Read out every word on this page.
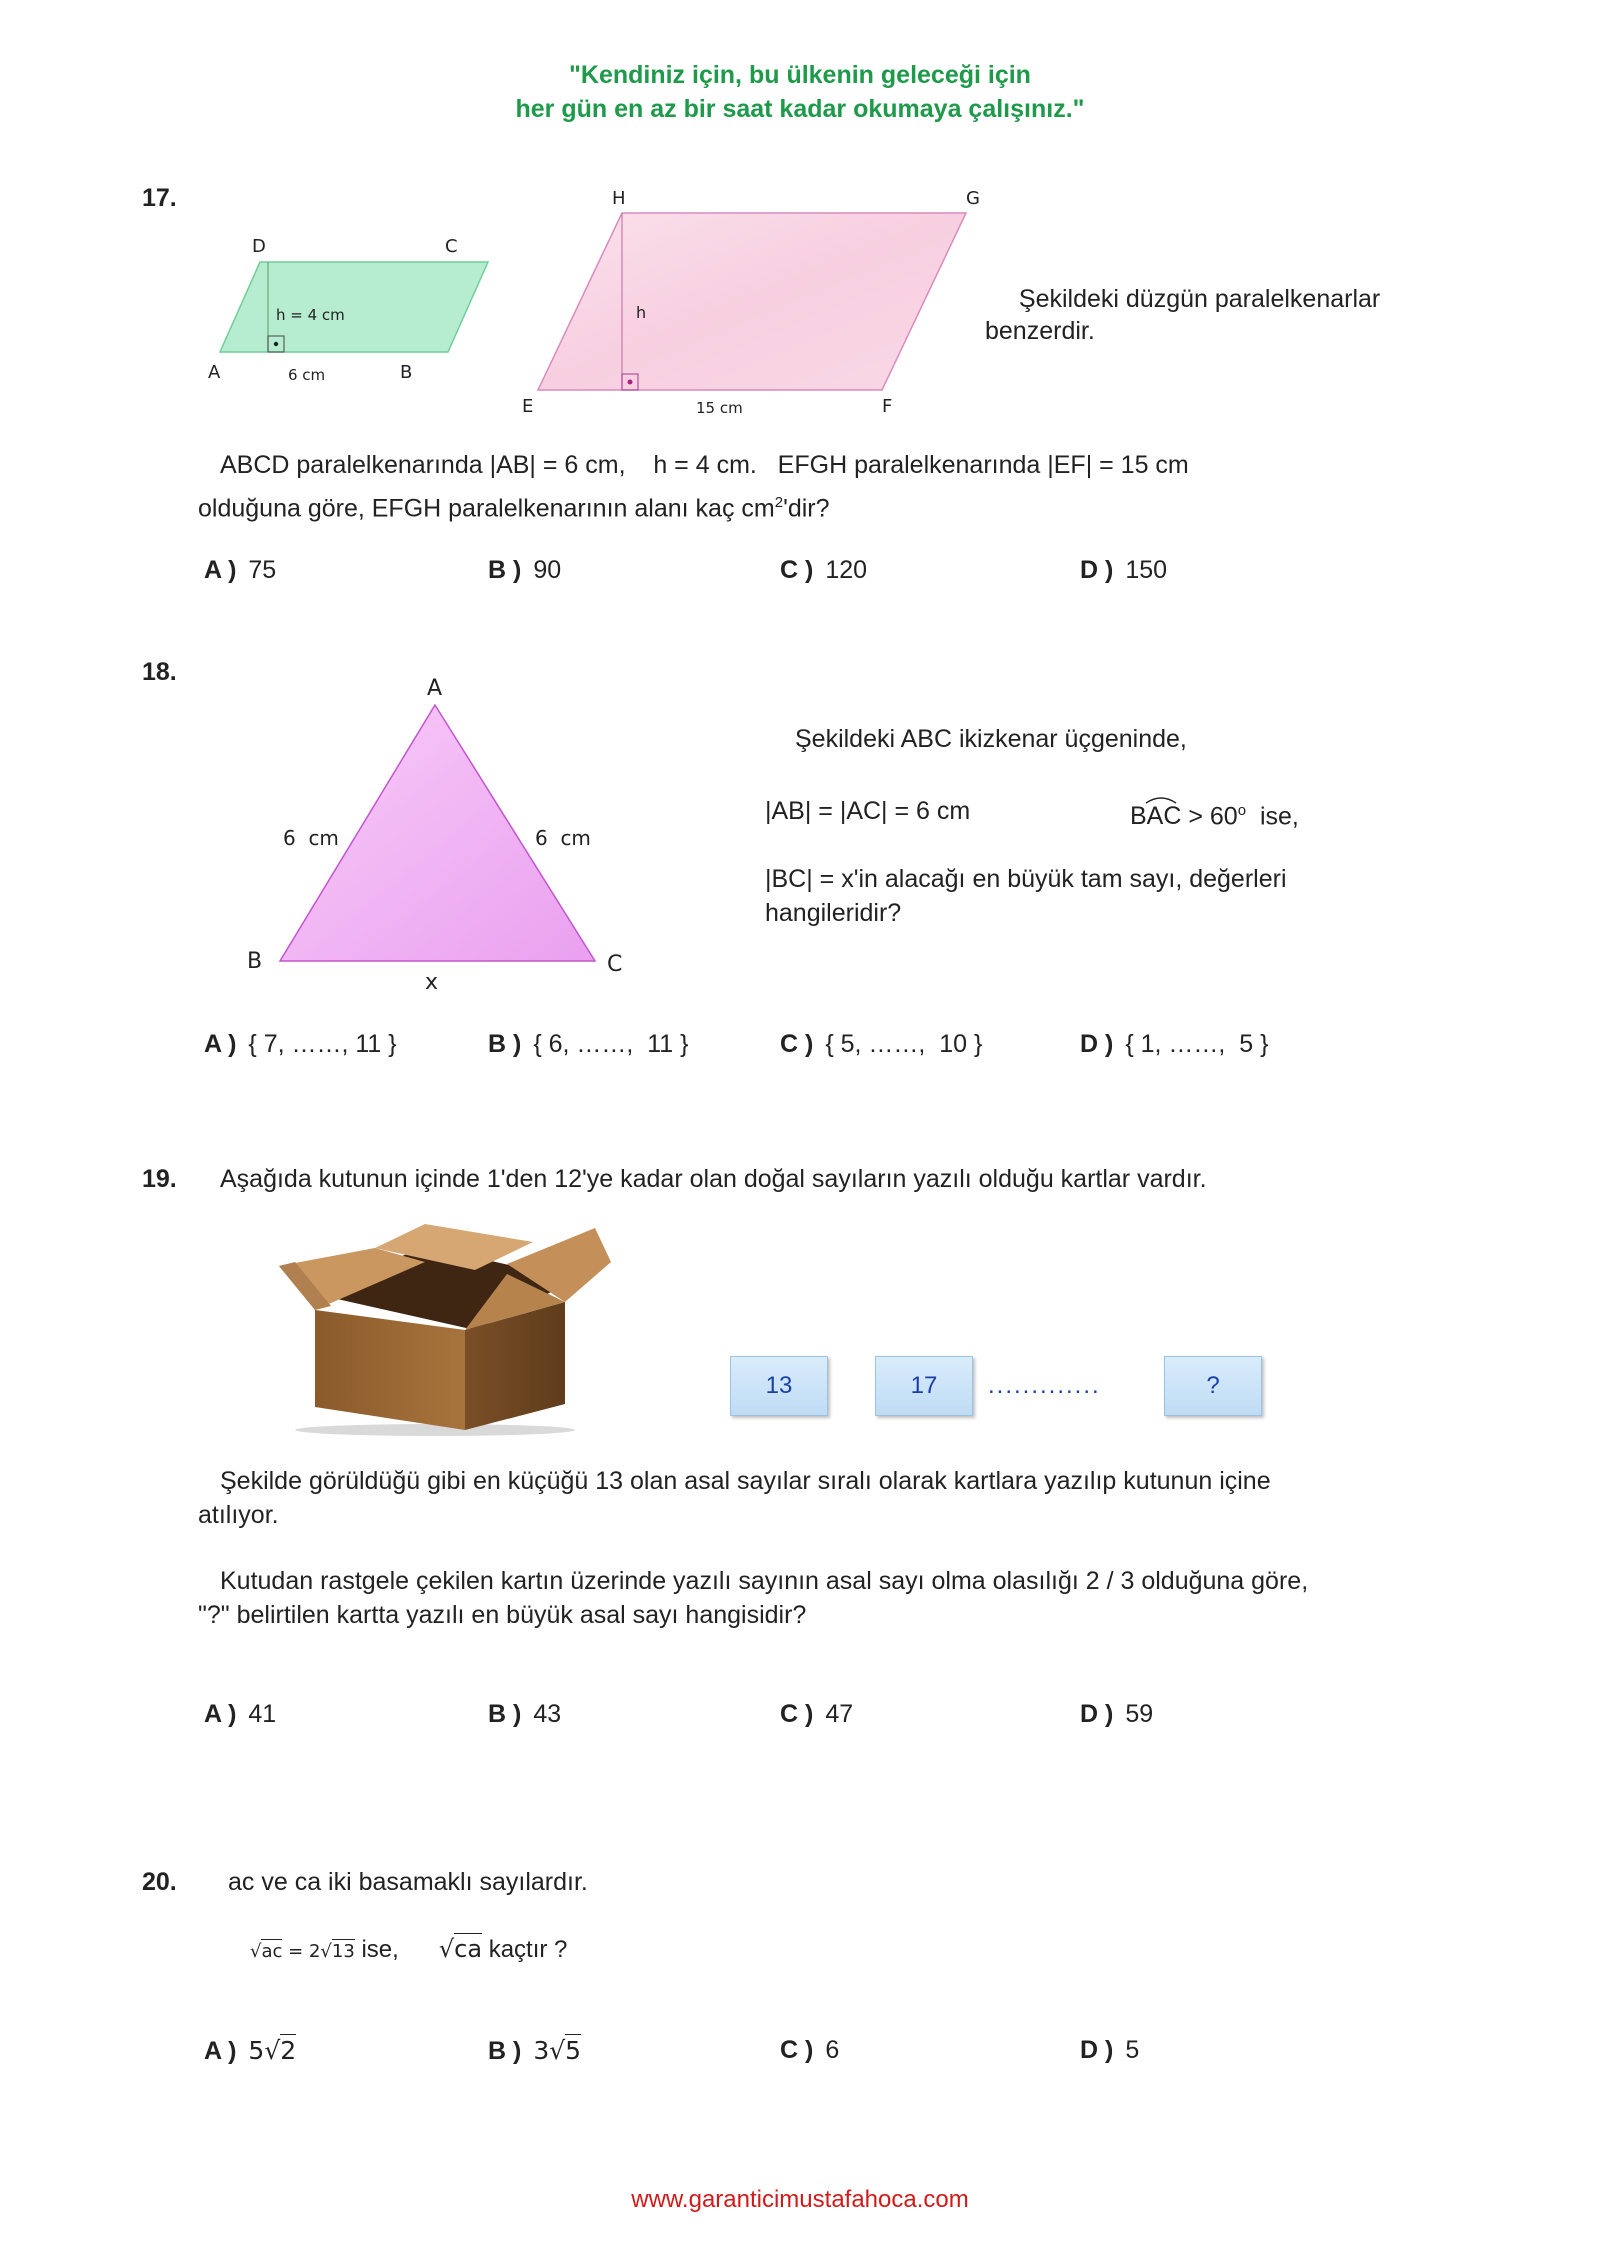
"Kendiniz için, bu ülkenin geleceği için
her gün en az bir saat kadar okumaya çalışınız."
17.
D	C
A	B
h = 4 cm
6 cm
H	G
E	F
h
15 cm
Şekildeki düzgün paralelkenarlar
benzerdir.
ABCD paralelkenarında |AB| = 6 cm,    h = 4 cm.   EFGH paralelkenarında |EF| = 15 cm
olduğuna göre, EFGH paralelkenarının alanı kaç $cm^2'dir$?
A ) 75	B ) 90	C ) 120	D ) 150
18.
A
B	C
6  cm	6  cm
x
Şekildeki ABC ikizkenar üçgeninde,
|AB| = |AC| = 6 cm	BAC > $60^o$  ise,
|BC| = x'in alacağı en büyük tam sayı, değerleri
hangileridir?
A ) { 7, ……, 11 }	B ) { 6, ……,  11 }	C ) { 5, ……,  10 }	D ) { 1, ……,  5 }
19. Aşağıda kutunun içinde 1'den 12'ye kadar olan doğal sayıların yazılı olduğu kartlar vardır.
13	17	.............	?
Şekilde görüldüğü gibi en küçüğü 13 olan asal sayılar sıralı olarak kartlara yazılıp kutunun içine
atılıyor.
Kutudan rastgele çekilen kartın üzerinde yazılı sayının asal sayı olma olasılığı 2 / 3 olduğuna göre,
"?" belirtilen kartta yazılı en büyük asal sayı hangisidir?
A ) 41	B ) 43	C ) 47	D ) 59
20. ac ve ca iki basamaklı sayılardır.
√ac = 2√13 ise, √ca kaçtır ?
A ) 5√2	B ) 3√5	C ) 6	D ) 5
www.garanticimustafahoca.com
